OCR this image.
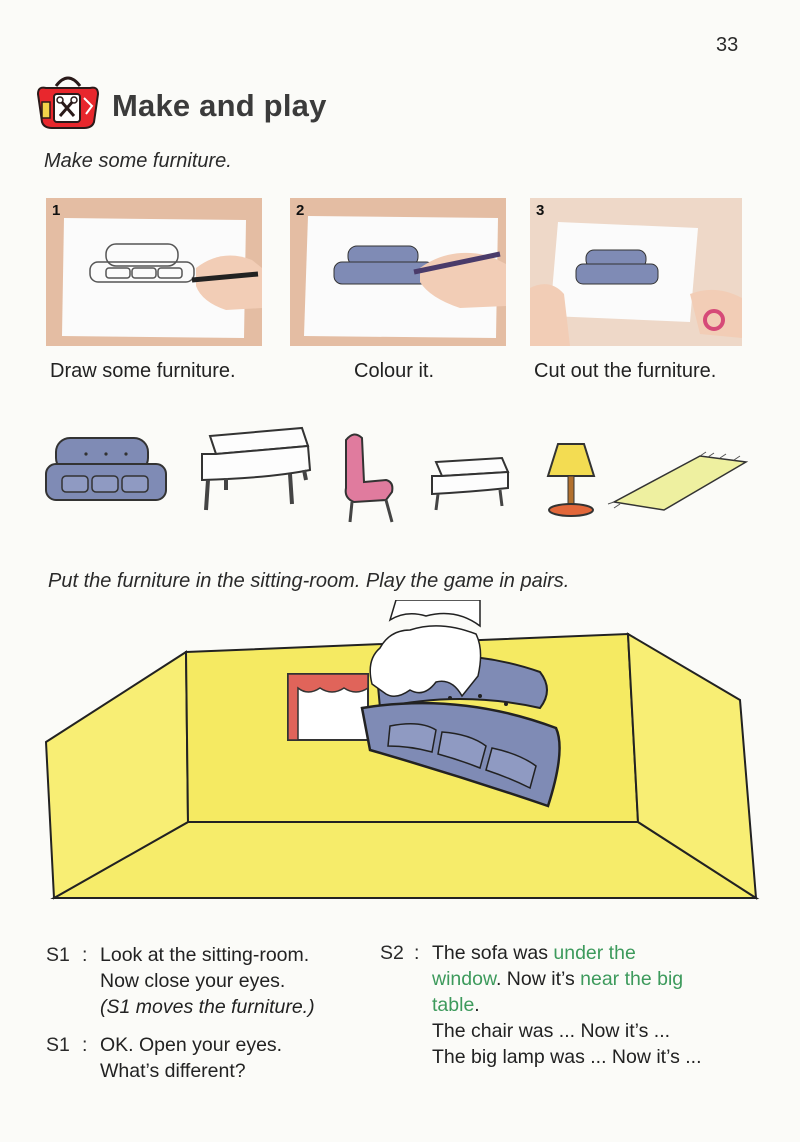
33
Make and play
Make some furniture.
1	2	3
Draw some furniture.	Colour it.	Cut out the furniture.
Put the furniture in the sitting-room. Play the game in pairs.
S1 : Look at the sitting-room.
Now close your eyes.
(S1 moves the furniture.)
S1 : OK. Open your eyes.
What’s different?
S2 : The sofa was under the
window. Now it’s near the big
table.
The chair was ... Now it’s ...
The big lamp was ... Now it’s ...
